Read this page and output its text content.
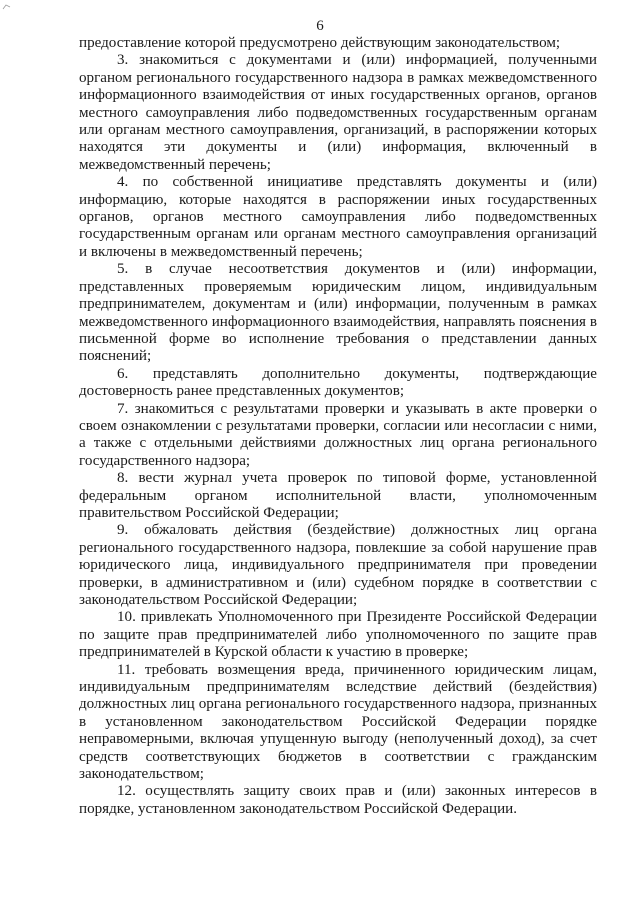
6

предоставление которой предусмотрено действующим законодательством;

3. знакомиться с документами и (или) информацией, полученными органом регионального государственного надзора в рамках межведомственного информационного взаимодействия от иных государственных органов, органов местного самоуправления либо подведомственных государственным органам или органам местного самоуправления, организаций, в распоряжении которых находятся эти документы и (или) информация, включенный в межведомственный перечень;

4. по собственной инициативе представлять документы и (или) информацию, которые находятся в распоряжении иных государственных органов, органов местного самоуправления либо подведомственных государственным органам или органам местного самоуправления организаций и включены в межведомственный перечень;

5. в случае несоответствия документов и (или) информации, представленных проверяемым юридическим лицом, индивидуальным предпринимателем, документам и (или) информации, полученным в рамках межведомственного информационного взаимодействия, направлять пояснения в письменной форме во исполнение требования о представлении данных пояснений;

6. представлять дополнительно документы, подтверждающие достоверность ранее представленных документов;

7. знакомиться с результатами проверки и указывать в акте проверки о своем ознакомлении с результатами проверки, согласии или несогласии с ними, а также с отдельными действиями должностных лиц органа регионального государственного надзора;

8. вести журнал учета проверок по типовой форме, установленной федеральным органом исполнительной власти, уполномоченным правительством Российской Федерации;

9. обжаловать действия (бездействие) должностных лиц органа регионального государственного надзора, повлекшие за собой нарушение прав юридического лица, индивидуального предпринимателя при проведении проверки, в административном и (или) судебном порядке в соответствии с законодательством Российской Федерации;

10. привлекать Уполномоченного при Президенте Российской Федерации по защите прав предпринимателей либо уполномоченного по защите прав предпринимателей в Курской области к участию в проверке;

11. требовать возмещения вреда, причиненного юридическим лицам, индивидуальным предпринимателям вследствие действий (бездействия) должностных лиц органа регионального государственного надзора, признанных в установленном законодательством Российской Федерации порядке неправомерными, включая упущенную выгоду (неполученный доход), за счет средств соответствующих бюджетов в соответствии с гражданским законодательством;

12. осуществлять защиту своих прав и (или) законных интересов в порядке, установленном законодательством Российской Федерации.
